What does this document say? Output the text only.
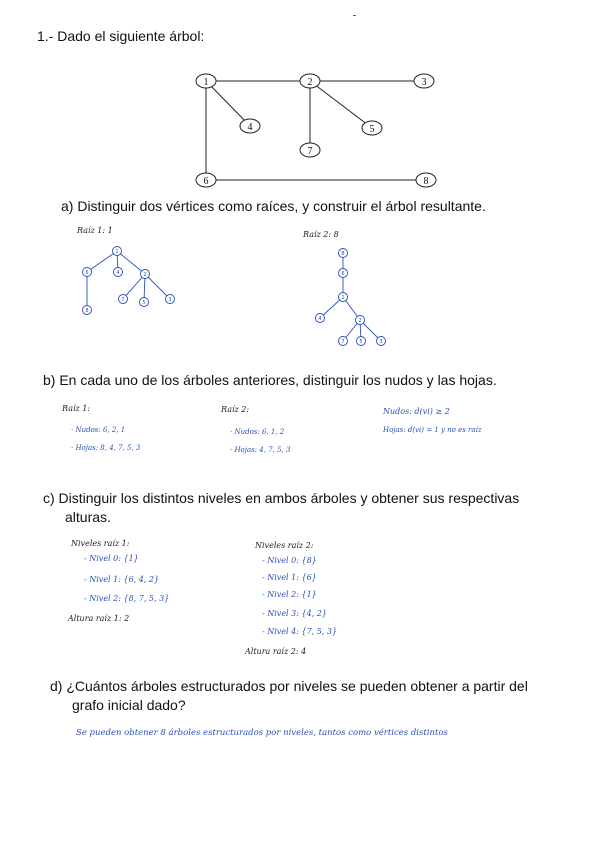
1.- Dado el siguiente árbol:
1	2	3
4	5
6
7
8
1
6	4	2
8
7	5	3
8
6
1
2
4
7	5	3
a) Distinguir dos vértices como raíces, y construir el árbol resultante.
Raíz 1: 1	Raíz 2: 8
b) En cada uno de los árboles anteriores, distinguir los nudos y las hojas.
Raíz 1:
· Nudos: 6, 2, 1
· Hojas: 8, 4, 7, 5, 3
Raíz 2:
· Nudos: 6, 1, 2
· Hojas: 4, 7, 5, 3
Nudos: d(vi) ≥ 2
Hojas: d(vi) = 1 y no es raíz
c) Distinguir los distintos niveles en ambos árboles y obtener sus respectivas
alturas.
Niveles raíz 1:
- Nivel 0: {1}
- Nivel 1: {6, 4, 2}
- Nivel 2: {8, 7, 5, 3}
Altura raíz 1: 2
Niveles raíz 2:
- Nivel 0: {8}
- Nivel 1: {6}
- Nivel 2: {1}
- Nivel 3: {4, 2}
- Nivel 4: {7, 5, 3}
Altura raíz 2: 4
d) ¿Cuántos árboles estructurados por niveles se pueden obtener a partir del
grafo inicial dado?
Se pueden obtener 8 árboles estructurados por niveles, tantos como vértices distintos
